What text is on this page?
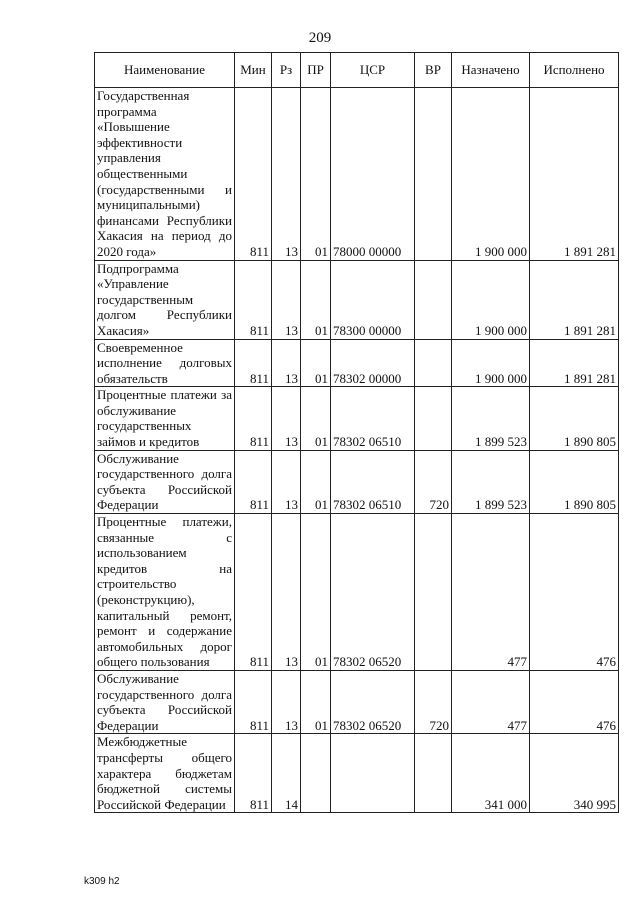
209
Наименование	Мин	Рз	ПР	ЦСР	ВР	Назначено	Исполнено
Государственная программа «Повышение эффективности управления общественными (государственными и муниципальными) финансами Республики Хакасия на период до 2020 года»	811	13	01	78000 00000		1 900 000	1 891 281
Подпрограмма «Управление государственным долгом Республики Хакасия»	811	13	01	78300 00000		1 900 000	1 891 281
Своевременное исполнение долговых обязательств	811	13	01	78302 00000		1 900 000	1 891 281
Процентные платежи за обслуживание государственных займов и кредитов	811	13	01	78302 06510		1 899 523	1 890 805
Обслуживание государственного долга субъекта Российской Федерации	811	13	01	78302 06510	720	1 899 523	1 890 805
Процентные платежи, связанные с использованием кредитов на строительство (реконструкцию), капитальный ремонт, ремонт и содержание автомобильных дорог общего пользования	811	13	01	78302 06520		477	476
Обслуживание государственного долга субъекта Российской Федерации	811	13	01	78302 06520	720	477	476
Межбюджетные трансферты общего характера бюджетам бюджетной системы Российской Федерации	811	14				341 000	340 995
k309 h2
